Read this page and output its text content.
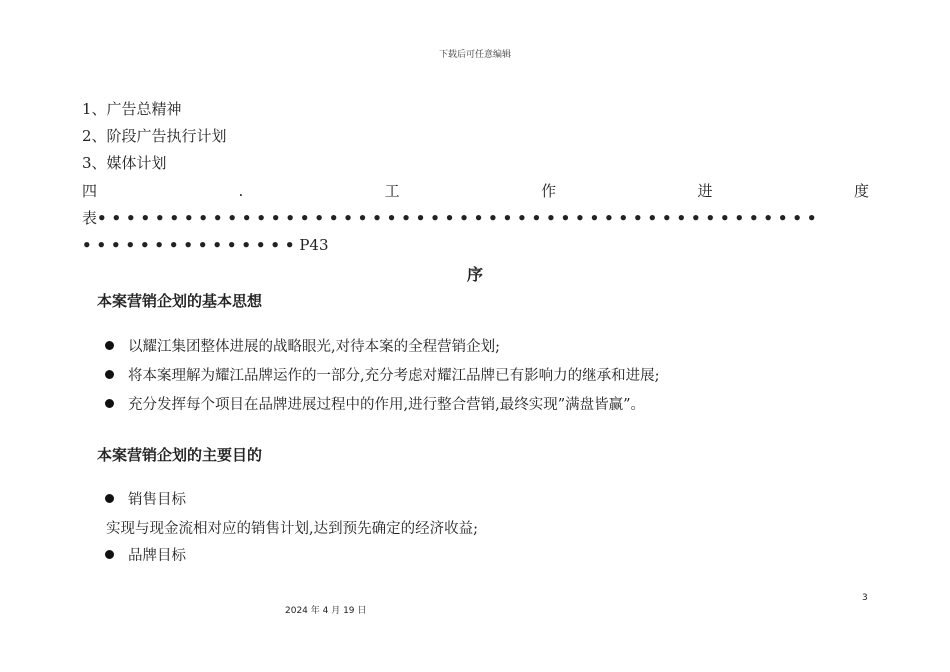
下载后可任意编辑
1、广告总精神
2、阶段广告执行计划
3、媒体计划
四	.	工	作	进	度
表••••••••••••••••••••••••••••••••••••••••••••••••••
•••••••••••••••P43
序
本案营销企划的基本思想
以耀江集团整体进展的战略眼光,对待本案的全程营销企划;
将本案理解为耀江品牌运作的一部分,充分考虑对耀江品牌已有影响力的继承和进展;
充分发挥每个项目在品牌进展过程中的作用,进行整合营销,最终实现”满盘皆赢”。
本案营销企划的主要目的
销售目标
实现与现金流相对应的销售计划,达到预先确定的经济收益;
品牌目标
3
2024 年 4 月 19 日
